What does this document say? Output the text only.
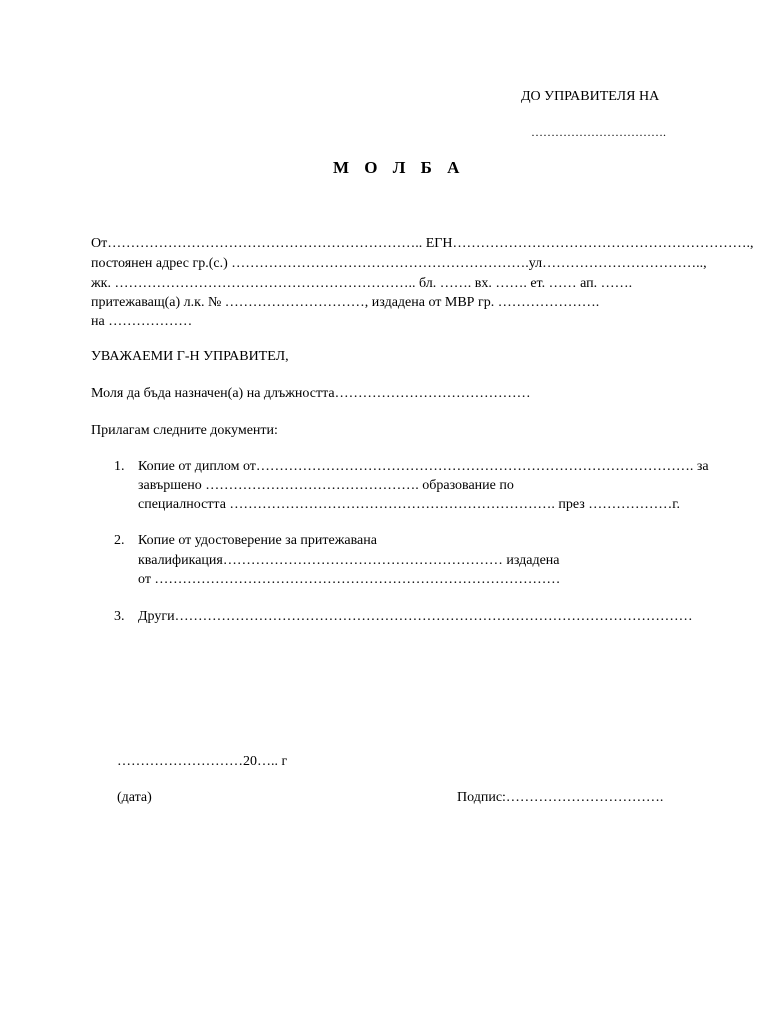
ДО УПРАВИТЕЛЯ НА
…………………………….
М О Л Б А
От………………………………………………………….. ЕГН……………………………………………………….,
постоянен адрес гр.(с.) ……………………………………………………….ул……………………………..,
жк. ……………………………………………………….. бл. ……. вх. ……. ет. …… ап. …….
притежаващ(а) л.к. № …………………………, издадена от МВР гр. ………………….
на ………………
УВАЖАЕМИ Г-Н УПРАВИТЕЛ,
Моля да бъда назначен(а) на длъжността……………………………………
Прилагам следните документи:
1. Копие от диплом от…………………………………………………………………………………. за
завършено ………………………………………. образование по
специалността ……………………………………………………………. през ………………г.
2. Копие от удостоверение за притежавана
квалификация…………………………………………………… издадена
от ……………………………………………………………………………
3. Други…………………………………………………………………………………………………
………………………20….. г
(дата)	Подпис:…………………………….
